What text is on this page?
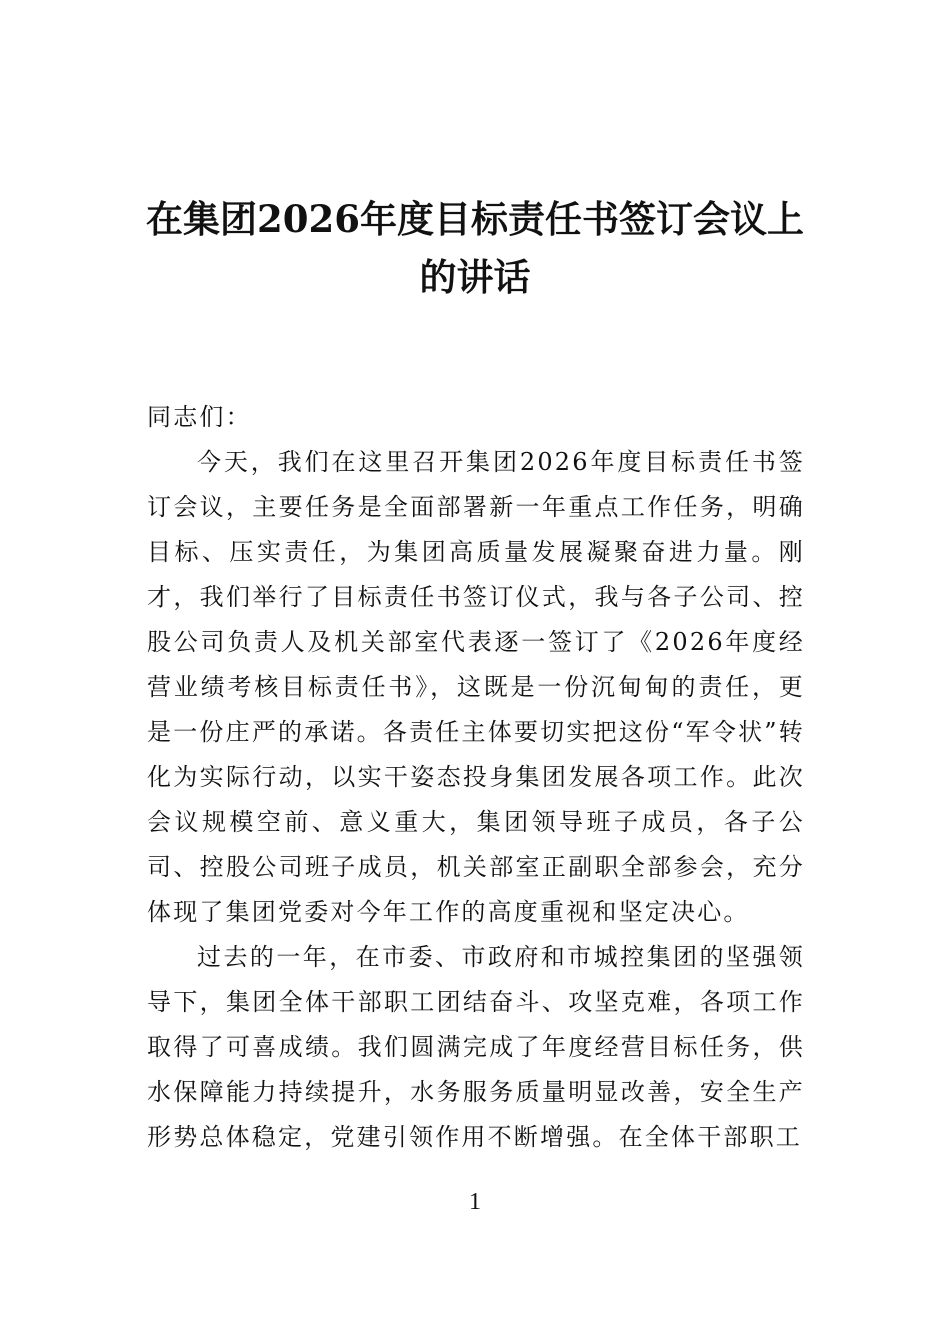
在集团2026年度目标责任书签订会议上的讲话

同志们：

今天，我们在这里召开集团2026年度目标责任书签订会议，主要任务是全面部署新一年重点工作任务，明确目标、压实责任，为集团高质量发展凝聚奋进力量。刚才，我们举行了目标责任书签订仪式，我与各子公司、控股公司负责人及机关部室代表逐一签订了《2026年度经营业绩考核目标责任书》，这既是一份沉甸甸的责任，更是一份庄严的承诺。各责任主体要切实把这份“军令状”转化为实际行动，以实干姿态投身集团发展各项工作。此次会议规模空前、意义重大，集团领导班子成员，各子公司、控股公司班子成员，机关部室正副职全部参会，充分体现了集团党委对今年工作的高度重视和坚定决心。

过去的一年，在市委、市政府和市城控集团的坚强领导下，集团全体干部职工团结奋斗、攻坚克难，各项工作取得了可喜成绩。我们圆满完成了年度经营目标任务，供水保障能力持续提升，水务服务质量明显改善，安全生产形势总体稳定，党建引领作用不断增强。在全体干部职工

1
